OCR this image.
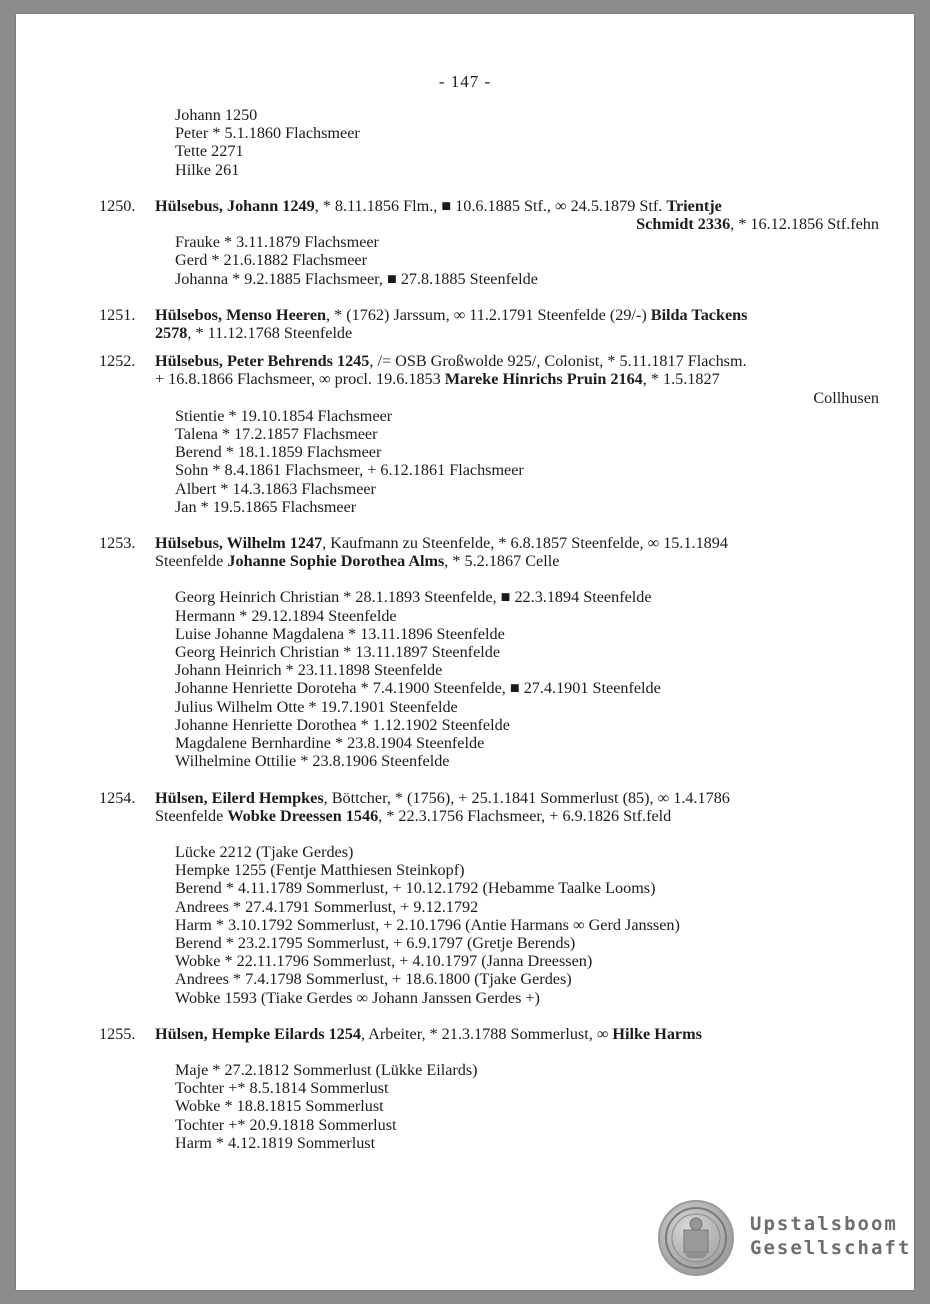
- 147 -
Johann 1250
Peter * 5.1.1860 Flachsmeer
Tette 2271
Hilke 261
1250. Hülsebus, Johann 1249, * 8.11.1856 Flm., ■ 10.6.1885 Stf., ∞ 24.5.1879 Stf. Trientje
Schmidt 2336, * 16.12.1856 Stf.fehn
Frauke * 3.11.1879 Flachsmeer
Gerd * 21.6.1882 Flachsmeer
Johanna * 9.2.1885 Flachsmeer, ■ 27.8.1885 Steenfelde
1251. Hülsebos, Menso Heeren, * (1762) Jarssum, ∞ 11.2.1791 Steenfelde (29/-) Bilda Tackens
2578, * 11.12.1768 Steenfelde
1252. Hülsebus, Peter Behrends 1245, /= OSB Großwolde 925/, Colonist, * 5.11.1817 Flachsm.
+ 16.8.1866 Flachsmeer, ∞ procl. 19.6.1853 Mareke Hinrichs Pruin 2164, * 1.5.1827
Collhusen
Stientie * 19.10.1854 Flachsmeer
Talena * 17.2.1857 Flachsmeer
Berend * 18.1.1859 Flachsmeer
Sohn * 8.4.1861 Flachsmeer, + 6.12.1861 Flachsmeer
Albert * 14.3.1863 Flachsmeer
Jan * 19.5.1865 Flachsmeer
1253. Hülsebus, Wilhelm 1247, Kaufmann zu Steenfelde, * 6.8.1857 Steenfelde, ∞ 15.1.1894
Steenfelde Johanne Sophie Dorothea Alms, * 5.2.1867 Celle
Georg Heinrich Christian * 28.1.1893 Steenfelde, ■ 22.3.1894 Steenfelde
Hermann * 29.12.1894 Steenfelde
Luise Johanne Magdalena * 13.11.1896 Steenfelde
Georg Heinrich Christian * 13.11.1897 Steenfelde
Johann Heinrich * 23.11.1898 Steenfelde
Johanne Henriette Doroteha * 7.4.1900 Steenfelde, ■ 27.4.1901 Steenfelde
Julius Wilhelm Otte * 19.7.1901 Steenfelde
Johanne Henriette Dorothea * 1.12.1902 Steenfelde
Magdalene Bernhardine * 23.8.1904 Steenfelde
Wilhelmine Ottilie * 23.8.1906 Steenfelde
1254. Hülsen, Eilerd Hempkes, Böttcher, * (1756), + 25.1.1841 Sommerlust (85), ∞ 1.4.1786
Steenfelde Wobke Dreessen 1546, * 22.3.1756 Flachsmeer, + 6.9.1826 Stf.feld
Lücke 2212 (Tjake Gerdes)
Hempke 1255 (Fentje Matthiesen Steinkopf)
Berend * 4.11.1789 Sommerlust, + 10.12.1792 (Hebamme Taalke Looms)
Andrees * 27.4.1791 Sommerlust, + 9.12.1792
Harm * 3.10.1792 Sommerlust, + 2.10.1796 (Antie Harmans ∞ Gerd Janssen)
Berend * 23.2.1795 Sommerlust, + 6.9.1797 (Gretje Berends)
Wobke * 22.11.1796 Sommerlust, + 4.10.1797 (Janna Dreessen)
Andrees * 7.4.1798 Sommerlust, + 18.6.1800 (Tjake Gerdes)
Wobke 1593 (Tiake Gerdes ∞ Johann Janssen Gerdes +)
1255. Hülsen, Hempke Eilards 1254, Arbeiter, * 21.3.1788 Sommerlust, ∞ Hilke Harms
Maje * 27.2.1812 Sommerlust (Lükke Eilards)
Tochter +* 8.5.1814 Sommerlust
Wobke * 18.8.1815 Sommerlust
Tochter +* 20.9.1818 Sommerlust
Harm * 4.12.1819 Sommerlust
Upstalsboom
Gesellschaft
